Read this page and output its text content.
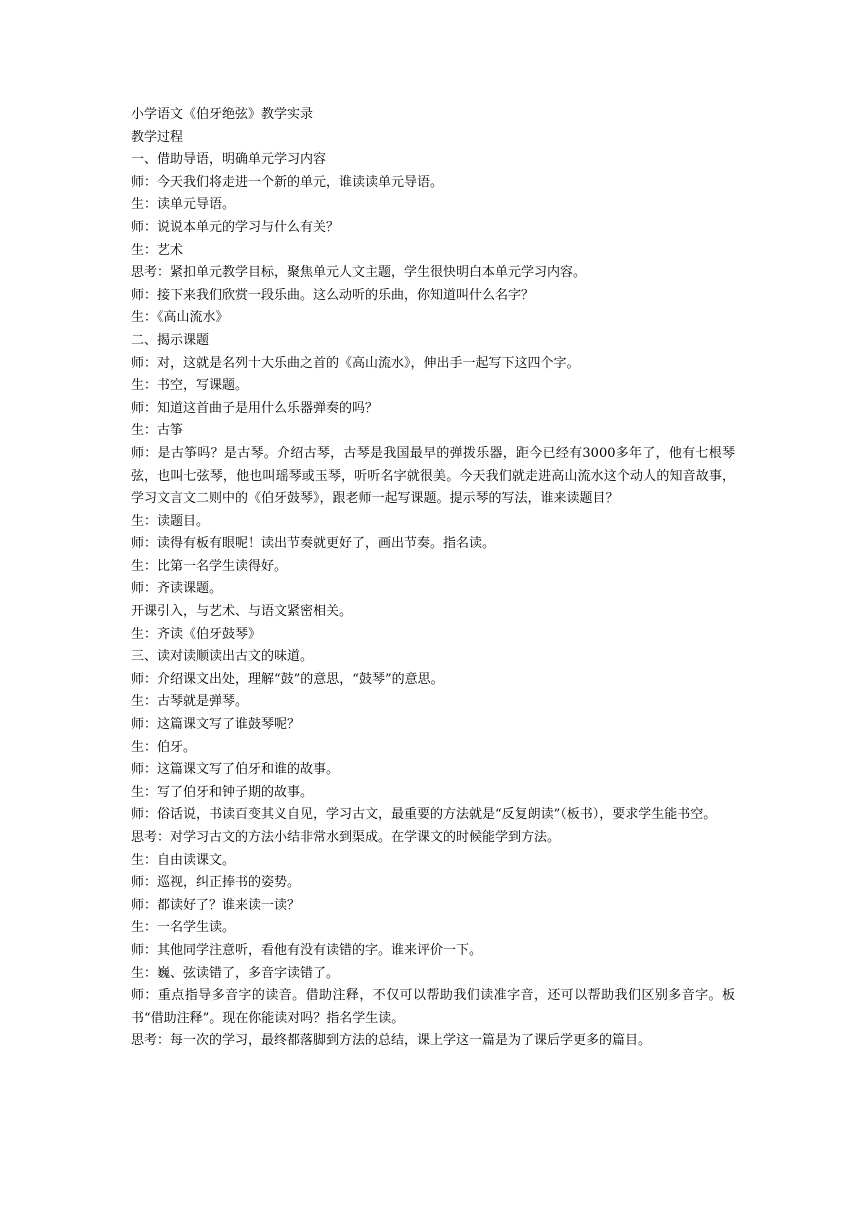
小学语文《伯牙绝弦》教学实录

教学过程

一、借助导语，明确单元学习内容

师：今天我们将走进一个新的单元，谁读读单元导语。

生：读单元导语。

师：说说本单元的学习与什么有关？

生：艺术

思考：紧扣单元教学目标，聚焦单元人文主题，学生很快明白本单元学习内容。

师：接下来我们欣赏一段乐曲。这么动听的乐曲，你知道叫什么名字？

生：《高山流水》

二、揭示课题

师：对，这就是名列十大乐曲之首的《高山流水》，伸出手一起写下这四个字。

生：书空，写课题。

师：知道这首曲子是用什么乐器弹奏的吗？

生：古筝

师：是古筝吗？是古琴。介绍古琴，古琴是我国最早的弹拨乐器，距今已经有3000多年了，他有七根琴弦，也叫七弦琴，他也叫瑶琴或玉琴，听听名字就很美。今天我们就走进高山流水这个动人的知音故事，学习文言文二则中的《伯牙鼓琴》，跟老师一起写课题。提示琴的写法，谁来读题目？

生：读题目。

师：读得有板有眼呢！读出节奏就更好了，画出节奏。指名读。

生：比第一名学生读得好。

师：齐读课题。

开课引入，与艺术、与语文紧密相关。

生：齐读《伯牙鼓琴》

三、读对读顺读出古文的味道。

师：介绍课文出处，理解“鼓”的意思，“鼓琴”的意思。

生：古琴就是弹琴。

师：这篇课文写了谁鼓琴呢？

生：伯牙。

师：这篇课文写了伯牙和谁的故事。

生：写了伯牙和钟子期的故事。

师：俗话说，书读百变其义自见，学习古文，最重要的方法就是“反复朗读”（板书），要求学生能书空。

思考：对学习古文的方法小结非常水到渠成。在学课文的时候能学到方法。

生：自由读课文。

师：巡视，纠正捧书的姿势。

师：都读好了？谁来读一读？

生：一名学生读。

师：其他同学注意听，看他有没有读错的字。谁来评价一下。

生：巍、弦读错了，多音字读错了。

师：重点指导多音字的读音。借助注释，不仅可以帮助我们读准字音，还可以帮助我们区别多音字。板书“借助注释”。现在你能读对吗？指名学生读。

思考：每一次的学习，最终都落脚到方法的总结，课上学这一篇是为了课后学更多的篇目。
